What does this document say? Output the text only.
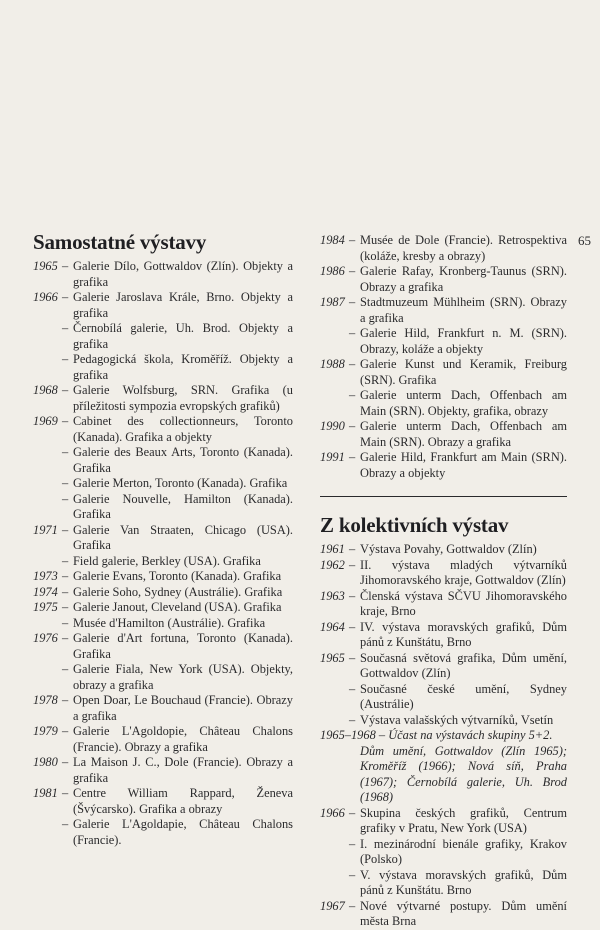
65
Samostatné výstavy
1965 – Galerie Dílo, Gottwaldov (Zlín). Objekty a grafika
1966 – Galerie Jaroslava Krále, Brno. Objekty a grafika
– Černobílá galerie, Uh. Brod. Objekty a grafika
– Pedagogická škola, Kroměříž. Objekty a grafika
1968 – Galerie Wolfsburg, SRN. Grafika (u příležitosti sympozia evropských grafiků)
1969 – Cabinet des collectionneurs, Toronto (Kanada). Grafika a objekty
– Galerie des Beaux Arts, Toronto (Kanada). Grafika
– Galerie Merton, Toronto (Kanada). Grafika
– Galerie Nouvelle, Hamilton (Kanada). Grafika
1971 – Galerie Van Straaten, Chicago (USA). Grafika
– Field galerie, Berkley (USA). Grafika
1973 – Galerie Evans, Toronto (Kanada). Grafika
1974 – Galerie Soho, Sydney (Austrálie). Grafika
1975 – Galerie Janout, Cleveland (USA). Grafika
– Musée d'Hamilton (Austrálie). Grafika
1976 – Galerie d'Art fortuna, Toronto (Kanada). Grafika
– Galerie Fiala, New York (USA). Objekty, obrazy a grafika
1978 – Open Doar, Le Bouchaud (Francie). Obrazy a grafika
1979 – Galerie L'Agoldopie, Château Chalons (Francie). Obrazy a grafika
1980 – La Maison J. C., Dole (Francie). Obrazy a grafika
1981 – Centre William Rappard, Ženeva (Švýcarsko). Grafika a obrazy
– Galerie L'Agoldapie, Château Chalons (Francie).
1984 – Musée de Dole (Francie). Retrospektiva (koláže, kresby a obrazy)
1986 – Galerie Rafay, Kronberg-Taunus (SRN). Obrazy a grafika
1987 – Stadtmuzeum Mühlheim (SRN). Obrazy a grafika
– Galerie Hild, Frankfurt n. M. (SRN). Obrazy, koláže a objekty
1988 – Galerie Kunst und Keramik, Freiburg (SRN). Grafika
– Galerie unterm Dach, Offenbach am Main (SRN). Objekty, grafika, obrazy
1990 – Galerie unterm Dach, Offenbach am Main (SRN). Obrazy a grafika
1991 – Galerie Hild, Frankfurt am Main (SRN). Obrazy a objekty
Z kolektivních výstav
1961 – Výstava Povahy, Gottwaldov (Zlín)
1962 – II. výstava mladých výtvarníků Jihomoravského kraje, Gottwaldov (Zlín)
1963 – Členská výstava SČVU Jihomoravského kraje, Brno
1964 – IV. výstava moravských grafiků, Dům pánů z Kunštátu, Brno
1965 – Současná světová grafika, Dům umění, Gottwaldov (Zlín)
– Současné české umění, Sydney (Austrálie)
– Výstava valašských výtvarníků, Vsetín
1965–1968 – Účast na výstavách skupiny 5+2.
Dům umění, Gottwaldov (Zlín 1965); Kroměříž (1966); Nová síň, Praha (1967); Černobílá galerie, Uh. Brod (1968)
1966 – Skupina českých grafiků, Centrum grafiky v Pratu, New York (USA)
– I. mezinárodní bienále grafiky, Krakov (Polsko)
– V. výstava moravských grafiků, Dům pánů z Kunštátu. Brno
1967 – Nové výtvarné postupy. Dům umění města Brna
